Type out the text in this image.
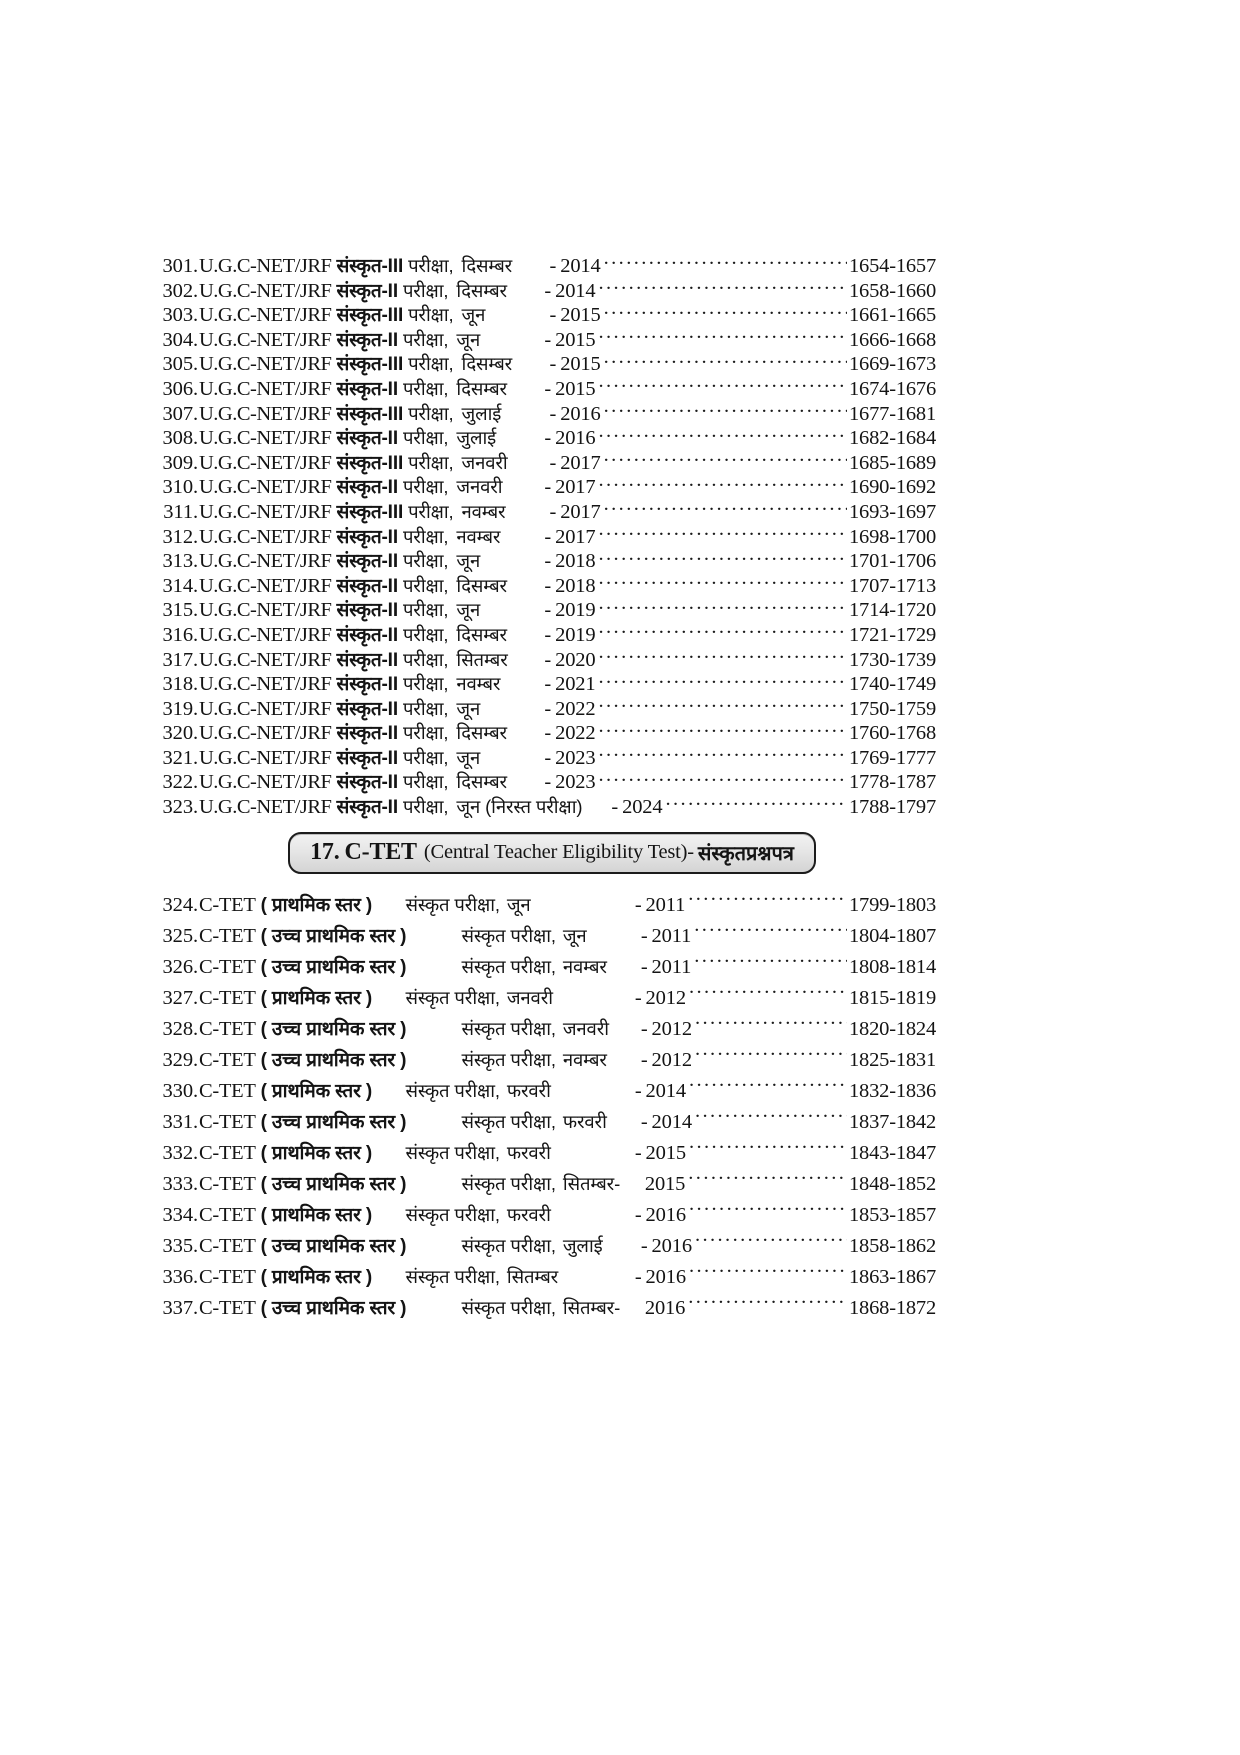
301. U.G.C-NET/JRF संस्कृत-III परीक्षा, दिसम्बर - 2014 .....	1654-1657
302. U.G.C-NET/JRF संस्कृत-II परीक्षा, दिसम्बर - 2014 .....	1658-1660
303. U.G.C-NET/JRF संस्कृत-III परीक्षा, जून	- 2015 .....	1661-1665
304. U.G.C-NET/JRF संस्कृत-II परीक्षा, जून	- 2015 .....	1666-1668
305. U.G.C-NET/JRF संस्कृत-III परीक्षा, दिसम्बर - 2015 .....	1669-1673
306. U.G.C-NET/JRF संस्कृत-II परीक्षा, दिसम्बर - 2015 .....	1674-1676
307. U.G.C-NET/JRF संस्कृत-III परीक्षा, जुलाई - 2016 .....	1677-1681
308. U.G.C-NET/JRF संस्कृत-II परीक्षा, जुलाई - 2016 .....	1682-1684
309. U.G.C-NET/JRF संस्कृत-III परीक्षा, जनवरी - 2017 .....	1685-1689
310. U.G.C-NET/JRF संस्कृत-II परीक्षा, जनवरी - 2017 .....	1690-1692
311. U.G.C-NET/JRF संस्कृत-III परीक्षा, नवम्बर - 2017 .....	1693-1697
312. U.G.C-NET/JRF संस्कृत-II परीक्षा, नवम्बर - 2017 .....	1698-1700
313. U.G.C-NET/JRF संस्कृत-II परीक्षा, जून	- 2018 .....	1701-1706
314. U.G.C-NET/JRF संस्कृत-II परीक्षा, दिसम्बर - 2018 .....	1707-1713
315. U.G.C-NET/JRF संस्कृत-II परीक्षा, जून	- 2019 .....	1714-1720
316. U.G.C-NET/JRF संस्कृत-II परीक्षा, दिसम्बर - 2019 .....	1721-1729
317. U.G.C-NET/JRF संस्कृत-II परीक्षा, सितम्बर - 2020 .....	1730-1739
318. U.G.C-NET/JRF संस्कृत-II परीक्षा, नवम्बर - 2021 .....	1740-1749
319. U.G.C-NET/JRF संस्कृत-II परीक्षा, जून	- 2022 .....	1750-1759
320. U.G.C-NET/JRF संस्कृत-II परीक्षा, दिसम्बर - 2022 .....	1760-1768
321. U.G.C-NET/JRF संस्कृत-II परीक्षा, जून	- 2023 .....	1769-1777
322. U.G.C-NET/JRF संस्कृत-II परीक्षा, दिसम्बर - 2023 .....	1778-1787
323. U.G.C-NET/JRF संस्कृत-II परीक्षा, जून (निरस्त परीक्षा) - 2024 .....	1788-1797
17. C-TET (Central Teacher Eligibility Test)- संस्कृतप्रश्नपत्र
324. C-TET ( प्राथमिक स्तर ) संस्कृत परीक्षा, जून	- 2011 .....	1799-1803
325. C-TET ( उच्च प्राथमिक स्तर )	संस्कृत परीक्षा, जून	- 2011 .....	1804-1807
326. C-TET ( उच्च प्राथमिक स्तर )	संस्कृत परीक्षा, नवम्बर - 2011 .....	1808-1814
327. C-TET ( प्राथमिक स्तर ) संस्कृत परीक्षा, जनवरी	- 2012 .....	1815-1819
328. C-TET ( उच्च प्राथमिक स्तर )	संस्कृत परीक्षा, जनवरी - 2012 .....	1820-1824
329. C-TET ( उच्च प्राथमिक स्तर )	संस्कृत परीक्षा, नवम्बर - 2012 .....	1825-1831
330. C-TET ( प्राथमिक स्तर ) संस्कृत परीक्षा, फरवरी	- 2014 .....	1832-1836
331. C-TET ( उच्च प्राथमिक स्तर )	संस्कृत परीक्षा, फरवरी - 2014 .....	1837-1842
332. C-TET ( प्राथमिक स्तर ) संस्कृत परीक्षा, फरवरी	- 2015 .....	1843-1847
333. C-TET ( उच्च प्राथमिक स्तर )	संस्कृत परीक्षा, सितम्बर- 2015 .....	1848-1852
334. C-TET ( प्राथमिक स्तर ) संस्कृत परीक्षा, फरवरी	- 2016 .....	1853-1857
335. C-TET ( उच्च प्राथमिक स्तर )	संस्कृत परीक्षा, जुलाई - 2016 .....	1858-1862
336. C-TET ( प्राथमिक स्तर ) संस्कृत परीक्षा, सितम्बर	- 2016 .....	1863-1867
337. C-TET ( उच्च प्राथमिक स्तर )	संस्कृत परीक्षा, सितम्बर- 2016 .....	1868-1872
